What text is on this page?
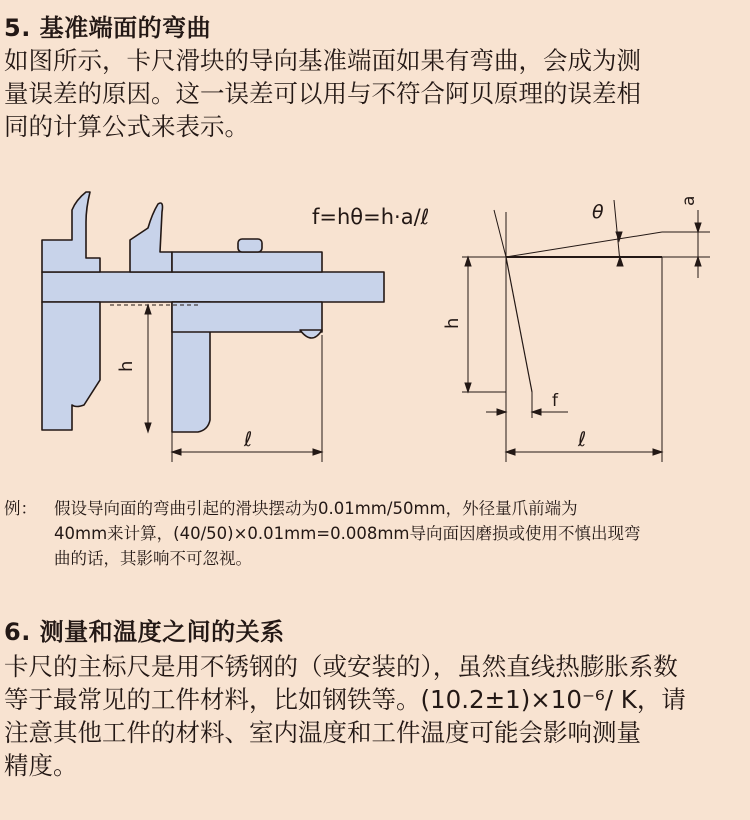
5. 基准端面的弯曲
如图所示，卡尺滑块的导向基准端面如果有弯曲，会成为测
量误差的原因。这一误差可以用与不符合阿贝原理的误差相
同的计算公式来表示。
h
ℓ
f=hθ=h·a/ℓ	θ
a
h
f
ℓ
例： 假设导向面的弯曲引起的滑块摆动为0.01mm/50mm，外径量爪前端为
40mm来计算，(40/50)×0.01mm=0.008mm导向面因磨损或使用不慎出现弯
曲的话，其影响不可忽视。
6. 测量和温度之间的关系
卡尺的主标尺是用不锈钢的（或安装的），虽然直线热膨胀系数
等于最常见的工件材料，比如钢铁等。(10.2±1)×10⁻⁶/ K，请
注意其他工件的材料、室内温度和工件温度可能会影响测量
精度。
